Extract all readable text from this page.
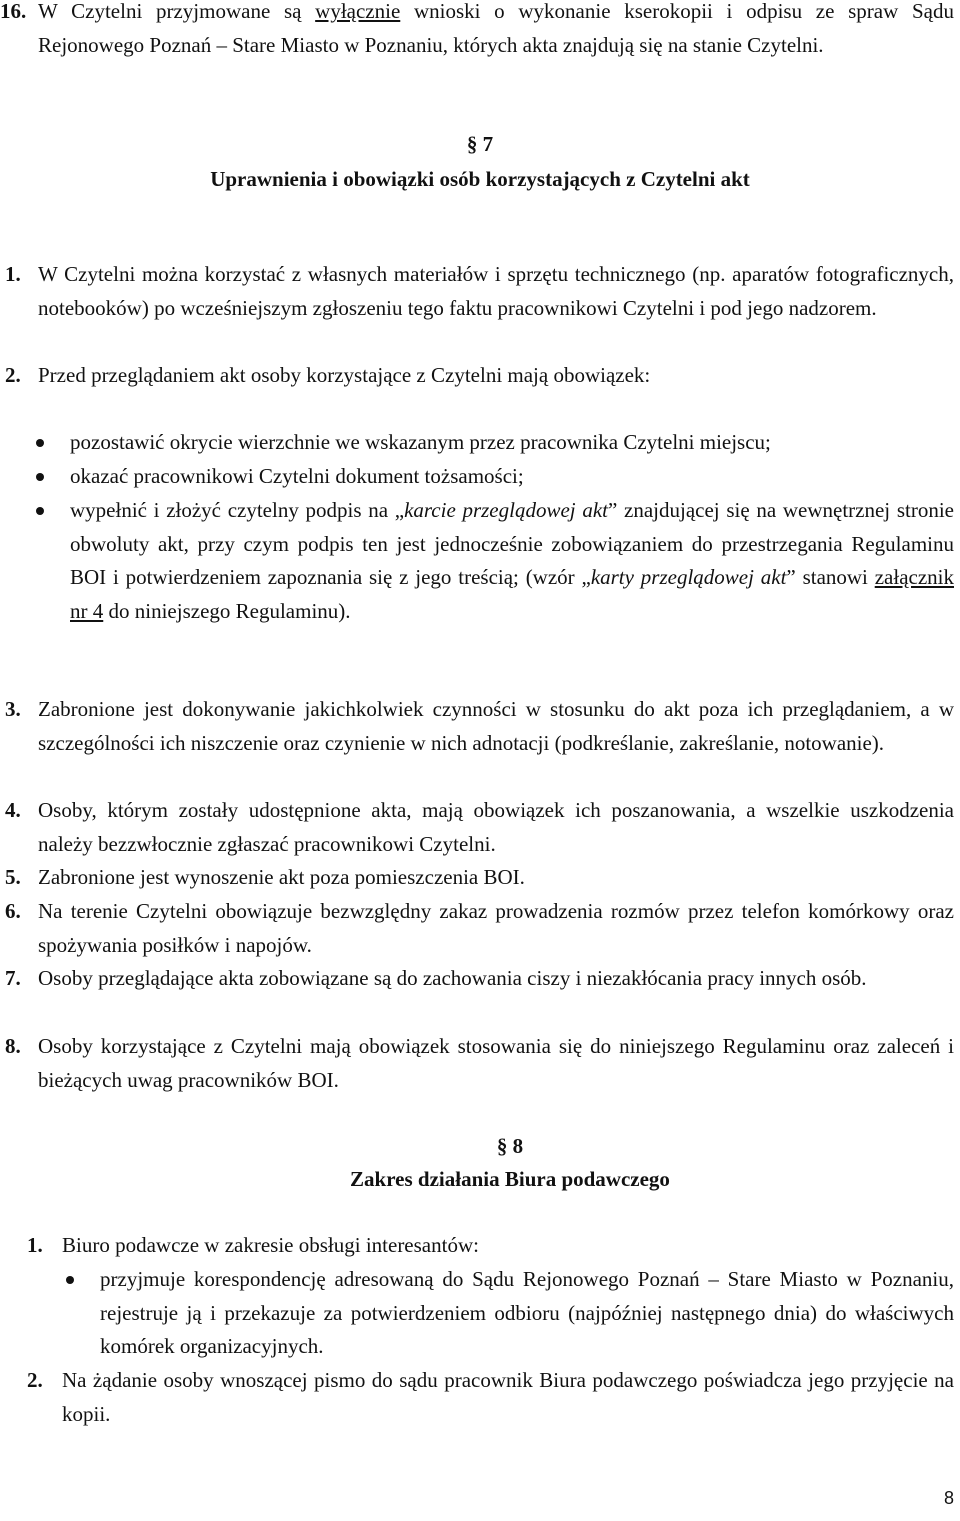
16. W Czytelni przyjmowane są wyłącznie wnioski o wykonanie kserokopii i odpisu ze spraw Sądu Rejonowego Poznań – Stare Miasto w Poznaniu, których akta znajdują się na stanie Czytelni.

§ 7
Uprawnienia i obowiązki osób korzystających z Czytelni akt
1. W Czytelni można korzystać z własnych materiałów i sprzętu technicznego (np. aparatów fotograficznych, notebooków) po wcześniejszym zgłoszeniu tego faktu pracownikowi Czytelni i pod jego nadzorem.

2. Przed przeglądaniem akt osoby korzystające z Czytelni mają obowiązek:

pozostawić okrycie wierzchnie we wskazanym przez pracownika Czytelni miejscu;

okazać pracownikowi Czytelni dokument tożsamości;

wypełnić i złożyć czytelny podpis na „karcie przeglądowej akt” znajdującej się na wewnętrznej stronie obwoluty akt, przy czym podpis ten jest jednocześnie zobowiązaniem do przestrzegania Regulaminu BOI i potwierdzeniem zapoznania się z jego treścią; (wzór „karty przeglądowej akt” stanowi załącznik nr 4 do niniejszego Regulaminu).

3. Zabronione jest dokonywanie jakichkolwiek czynności w stosunku do akt poza ich przeglądaniem, a w szczególności ich niszczenie oraz czynienie w nich adnotacji (podkreślanie, zakreślanie, notowanie).

4. Osoby, którym zostały udostępnione akta, mają obowiązek ich poszanowania, a wszelkie uszkodzenia należy bezzwłocznie zgłaszać pracownikowi Czytelni.

5. Zabronione jest wynoszenie akt poza pomieszczenia BOI.

6. Na terenie Czytelni obowiązuje bezwzględny zakaz prowadzenia rozmów przez telefon komórkowy oraz spożywania posiłków i napojów.

7. Osoby przeglądające akta zobowiązane są do zachowania ciszy i niezakłócania pracy innych osób.

8. Osoby korzystające z Czytelni mają obowiązek stosowania się do niniejszego Regulaminu oraz zaleceń i bieżących uwag pracowników BOI.

§ 8
Zakres działania Biura podawczego
1. Biuro podawcze w zakresie obsługi interesantów:

przyjmuje korespondencję adresowaną do Sądu Rejonowego Poznań – Stare Miasto w Poznaniu, rejestruje ją i przekazuje za potwierdzeniem odbioru (najpóźniej następnego dnia) do właściwych komórek organizacyjnych.

2. Na żądanie osoby wnoszącej pismo do sądu pracownik Biura podawczego poświadcza jego przyjęcie na kopii.

8
